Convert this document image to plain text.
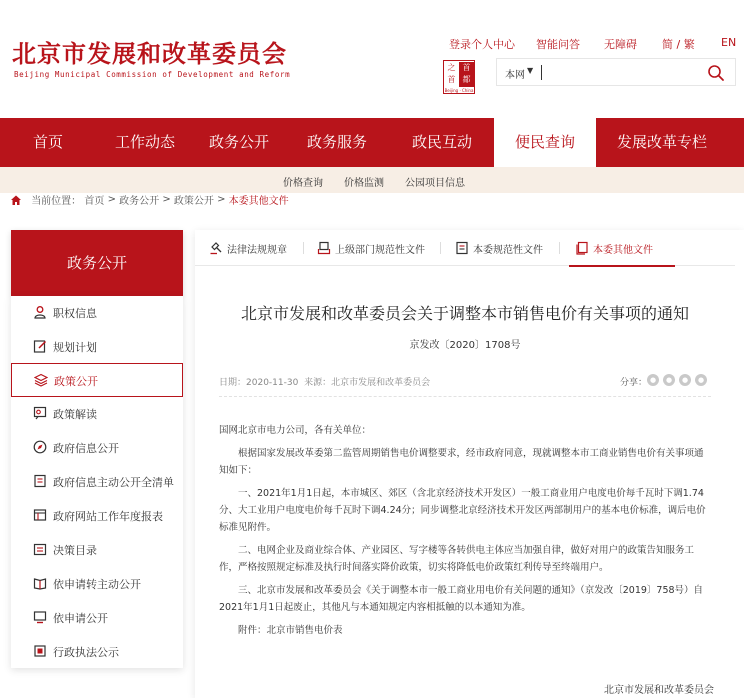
北京市发展和改革委员会
Beijing Municipal Commission of Development and Reform
登录个人中心 智能问答 无障碍 简 / 繁 EN
之首
首都
Beijing · China
本网 ▼
首页	工作动态	政务公开	政务服务	政民互动	便民查询	发展改革专栏
价格查询 价格监测 公园项目信息
当前位置： 首页 > 政务公开 > 政策公开 > 本委其他文件
政务公开
职权信息
规划计划
政策公开
政策解读
政府信息公开
政府信息主动公开全清单
政府网站工作年度报表
决策目录
依申请转主动公开
依申请公开
行政执法公示
法律法规规章	上级部门规范性文件	本委规范性文件	本委其他文件
北京市发展和改革委员会关于调整本市销售电价有关事项的通知
京发改〔2020〕1708号
日期：2020-11-30 来源：北京市发展和改革委员会	分享： ●	●	●	●

国网北京市电力公司，各有关单位：

根据国家发展改革委第二监管周期销售电价调整要求，经市政府同意，现就调整本市工商业销售电价有关事项通知如下：

一、2021年1月1日起，本市城区、郊区（含北京经济技术开发区）一般工商业用户电度电价每千瓦时下调1.74分、大工业用户电度电价每千瓦时下调4.24分；同步调整北京经济技术开发区两部制用户的基本电价标准，调后电价标准见附件。

二、电网企业及商业综合体、产业园区、写字楼等各转供电主体应当加强自律，做好对用户的政策告知服务工作，严格按照规定标准及执行时间落实降价政策，切实将降低电价政策红利传导至终端用户。

三、北京市发展和改革委员会《关于调整本市一般工商业用电价有关问题的通知》（京发改〔2019〕758号）自2021年1月1日起废止，其他凡与本通知规定内容相抵触的以本通知为准。

附件：北京市销售电价表

北京市发展和改革委员会
